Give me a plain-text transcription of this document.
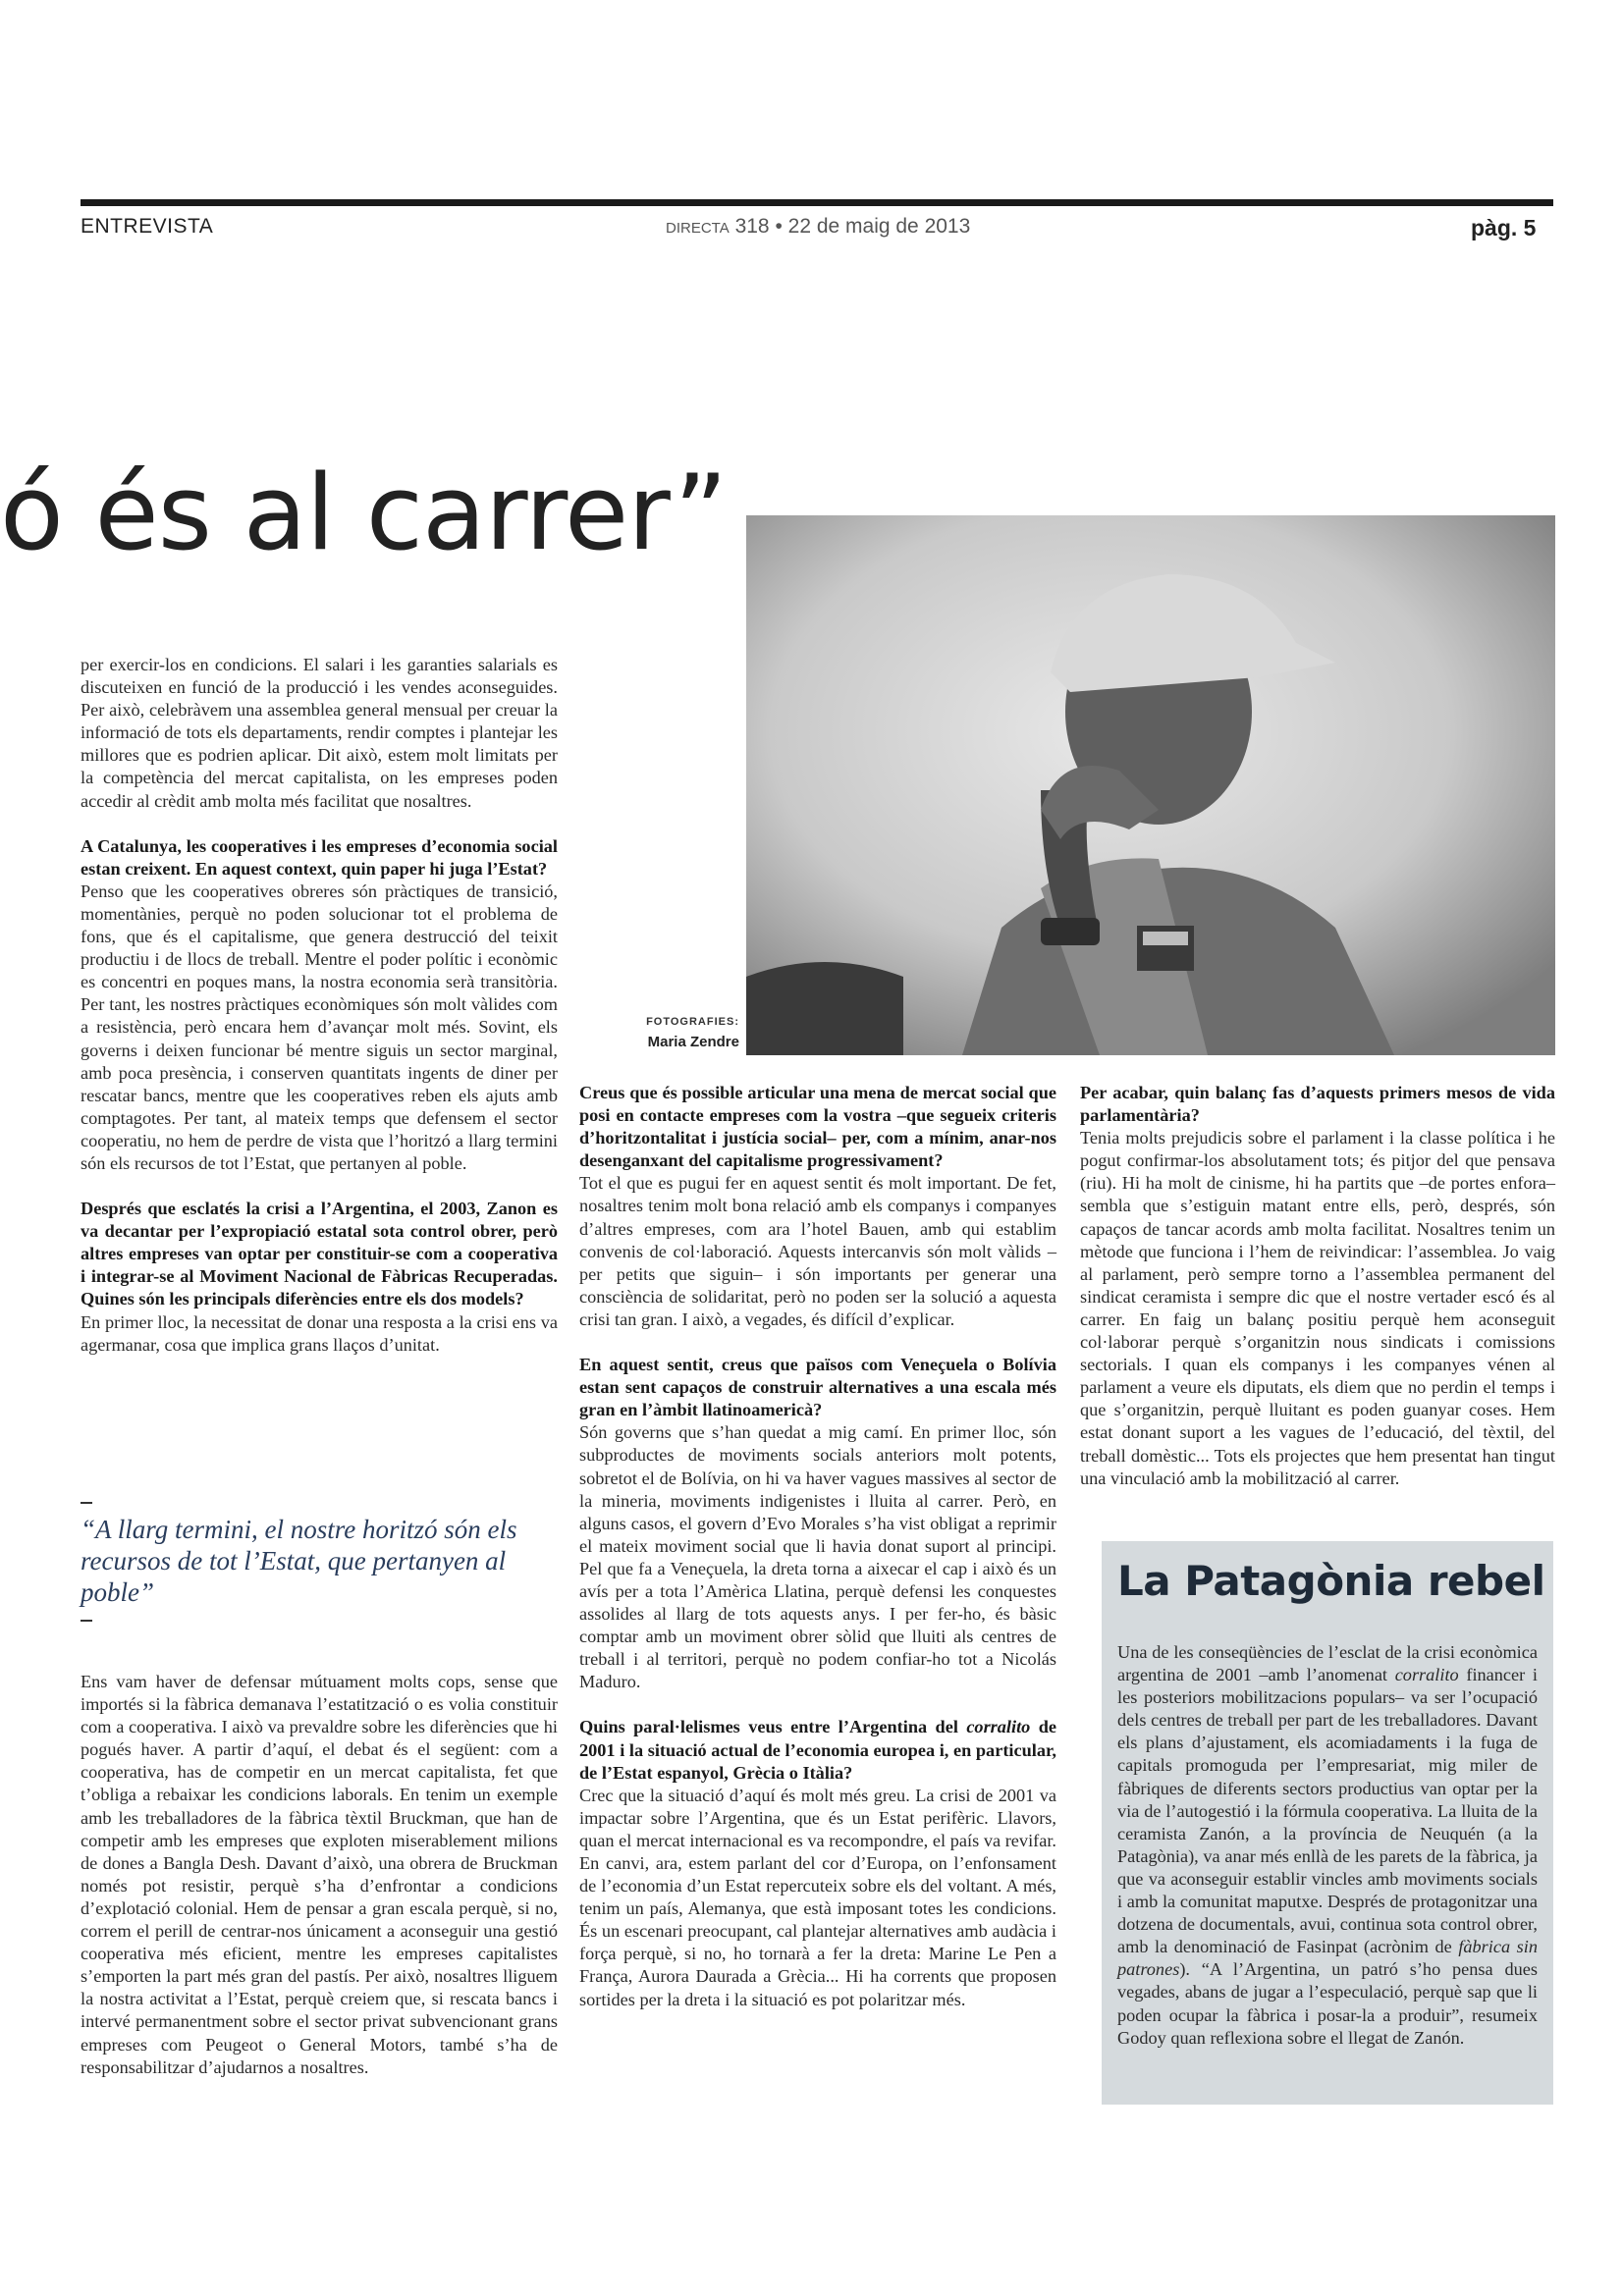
ENTREVISTA	DIRECTA 318 • 22 de maig de 2013	pàg. 5
ó és al carrer”
FOTOGRAFIES:
Maria Zendre

per exercir-los en condicions. El salari i les garanties salarials es discuteixen en funció de la producció i les vendes aconseguides. Per això, celebràvem una assemblea general mensual per creuar la informació de tots els departaments, rendir comptes i plantejar les millores que es podrien aplicar. Dit això, estem molt limitats per la competència del mercat capitalista, on les empreses poden accedir al crèdit amb molta més facilitat que nosaltres.

A Catalunya, les cooperatives i les empreses d’economia social estan creixent. En aquest context, quin paper hi juga l’Estat?

Penso que les cooperatives obreres són pràctiques de transició, momentànies, perquè no poden solucionar tot el problema de fons, que és el capitalisme, que genera destrucció del teixit productiu i de llocs de treball. Mentre el poder polític i econòmic es concentri en poques mans, la nostra economia serà transitòria. Per tant, les nostres pràctiques econòmiques són molt vàlides com a resistència, però encara hem d’avançar molt més. Sovint, els governs i deixen funcionar bé mentre siguis un sector marginal, amb poca presència, i conserven quantitats ingents de diner per rescatar bancs, mentre que les cooperatives reben els ajuts amb comptagotes. Per tant, al mateix temps que defensem el sector cooperatiu, no hem de perdre de vista que l’horitzó a llarg termini són els recursos de tot l’Estat, que pertanyen al poble.

Després que esclatés la crisi a l’Argentina, el 2003, Zanon es va decantar per l’expropiació estatal sota control obrer, però altres empreses van optar per constituir-se com a cooperativa i integrar-se al Moviment Nacional de Fàbricas Recuperadas. Quines són les principals diferències entre els dos models?

En primer lloc, la necessitat de donar una resposta a la crisi ens va agermanar, cosa que implica grans llaços d’unitat.

“A llarg termini, el nostre horitzó són els recursos de tot l’Estat, que pertanyen al poble”

Ens vam haver de defensar mútuament molts cops, sense que importés si la fàbrica demanava l’estatització o es volia constituir com a cooperativa. I això va prevaldre sobre les diferències que hi pogués haver. A partir d’aquí, el debat és el següent: com a cooperativa, has de competir en un mercat capitalista, fet que t’obliga a rebaixar les condicions laborals. En tenim un exemple amb les treballadores de la fàbrica tèxtil Bruckman, que han de competir amb les empreses que exploten miserablement milions de dones a Bangla Desh. Davant d’això, una obrera de Bruckman només pot resistir, perquè s’ha d’enfrontar a condicions d’explotació colonial. Hem de pensar a gran escala perquè, si no, correm el perill de centrar-nos únicament a aconseguir una gestió cooperativa més eficient, mentre les empreses capitalistes s’emporten la part més gran del pastís. Per això, nosaltres lliguem la nostra activitat a l’Estat, perquè creiem que, si rescata bancs i intervé permanentment sobre el sector privat subvencionant grans empreses com Peugeot o General Motors, també s’ha de responsabilitzar d’ajudarnos a nosaltres.

Creus que és possible articular una mena de mercat social que posi en contacte empreses com la vostra –que segueix criteris d’horitzontalitat i justícia social– per, com a mínim, anar-nos desenganxant del capitalisme progressivament?

Tot el que es pugui fer en aquest sentit és molt important. De fet, nosaltres tenim molt bona relació amb els companys i companyes d’altres empreses, com ara l’hotel Bauen, amb qui establim convenis de col·laboració. Aquests intercanvis són molt vàlids –per petits que siguin– i són importants per generar una consciència de solidaritat, però no poden ser la solució a aquesta crisi tan gran. I això, a vegades, és difícil d’explicar.

En aquest sentit, creus que països com Veneçuela o Bolívia estan sent capaços de construir alternatives a una escala més gran en l’àmbit llatinoamericà?

Són governs que s’han quedat a mig camí. En primer lloc, són subproductes de moviments socials anteriors molt potents, sobretot el de Bolívia, on hi va haver vagues massives al sector de la mineria, moviments indigenistes i lluita al carrer. Però, en alguns casos, el govern d’Evo Morales s’ha vist obligat a reprimir el mateix moviment social que li havia donat suport al principi. Pel que fa a Veneçuela, la dreta torna a aixecar el cap i això és un avís per a tota l’Amèrica Llatina, perquè defensi les conquestes assolides al llarg de tots aquests anys. I per fer-ho, és bàsic comptar amb un moviment obrer sòlid que lluiti als centres de treball i al territori, perquè no podem confiar-ho tot a Nicolás Maduro.

Quins paral·lelismes veus entre l’Argentina del corralito de 2001 i la situació actual de l’economia europea i, en particular, de l’Estat espanyol, Grècia o Itàlia?

Crec que la situació d’aquí és molt més greu. La crisi de 2001 va impactar sobre l’Argentina, que és un Estat perifèric. Llavors, quan el mercat internacional es va recompondre, el país va revifar. En canvi, ara, estem parlant del cor d’Europa, on l’enfonsament de l’economia d’un Estat repercuteix sobre els del voltant. A més, tenim un país, Alemanya, que està imposant totes les condicions. És un escenari preocupant, cal plantejar alternatives amb audàcia i força perquè, si no, ho tornarà a fer la dreta: Marine Le Pen a França, Aurora Daurada a Grècia... Hi ha corrents que proposen sortides per la dreta i la situació es pot polaritzar més.

Per acabar, quin balanç fas d’aquests primers mesos de vida parlamentària?

Tenia molts prejudicis sobre el parlament i la classe política i he pogut confirmar-los absolutament tots; és pitjor del que pensava (riu). Hi ha molt de cinisme, hi ha partits que –de portes enfora– sembla que s’estiguin matant entre ells, però, després, són capaços de tancar acords amb molta facilitat. Nosaltres tenim un mètode que funciona i l’hem de reivindicar: l’assemblea. Jo vaig al parlament, però sempre torno a l’assemblea permanent del sindicat ceramista i sempre dic que el nostre vertader escó és al carrer. En faig un balanç positiu perquè hem aconseguit col·laborar perquè s’organitzin nous sindicats i comissions sectorials. I quan els companys i les companyes vénen al parlament a veure els diputats, els diem que no perdin el temps i que s’organitzin, perquè lluitant es poden guanyar coses. Hem estat donant suport a les vagues de l’educació, del tèxtil, del treball domèstic... Tots els projectes que hem presentat han tingut una vinculació amb la mobilització al carrer.

La Patagònia rebel
Una de les conseqüències de l’esclat de la crisi econòmica argentina de 2001 –amb l’anomenat corralito financer i les posteriors mobilitzacions populars– va ser l’ocupació dels centres de treball per part de les treballadores. Davant els plans d’ajustament, els acomiadaments i la fuga de capitals promoguda per l’empresariat, mig miler de fàbriques de diferents sectors productius van optar per la via de l’autogestió i la fórmula cooperativa. La lluita de la ceramista Zanón, a la província de Neuquén (a la Patagònia), va anar més enllà de les parets de la fàbrica, ja que va aconseguir establir vincles amb moviments socials i amb la comunitat maputxe. Després de protagonitzar una dotzena de documentals, avui, continua sota control obrer, amb la denominació de Fasinpat (acrònim de fàbrica sin patrones). “A l’Argentina, un patró s’ho pensa dues vegades, abans de jugar a l’especulació, perquè sap que li poden ocupar la fàbrica i posar-la a produir”, resumeix Godoy quan reflexiona sobre el llegat de Zanón.
